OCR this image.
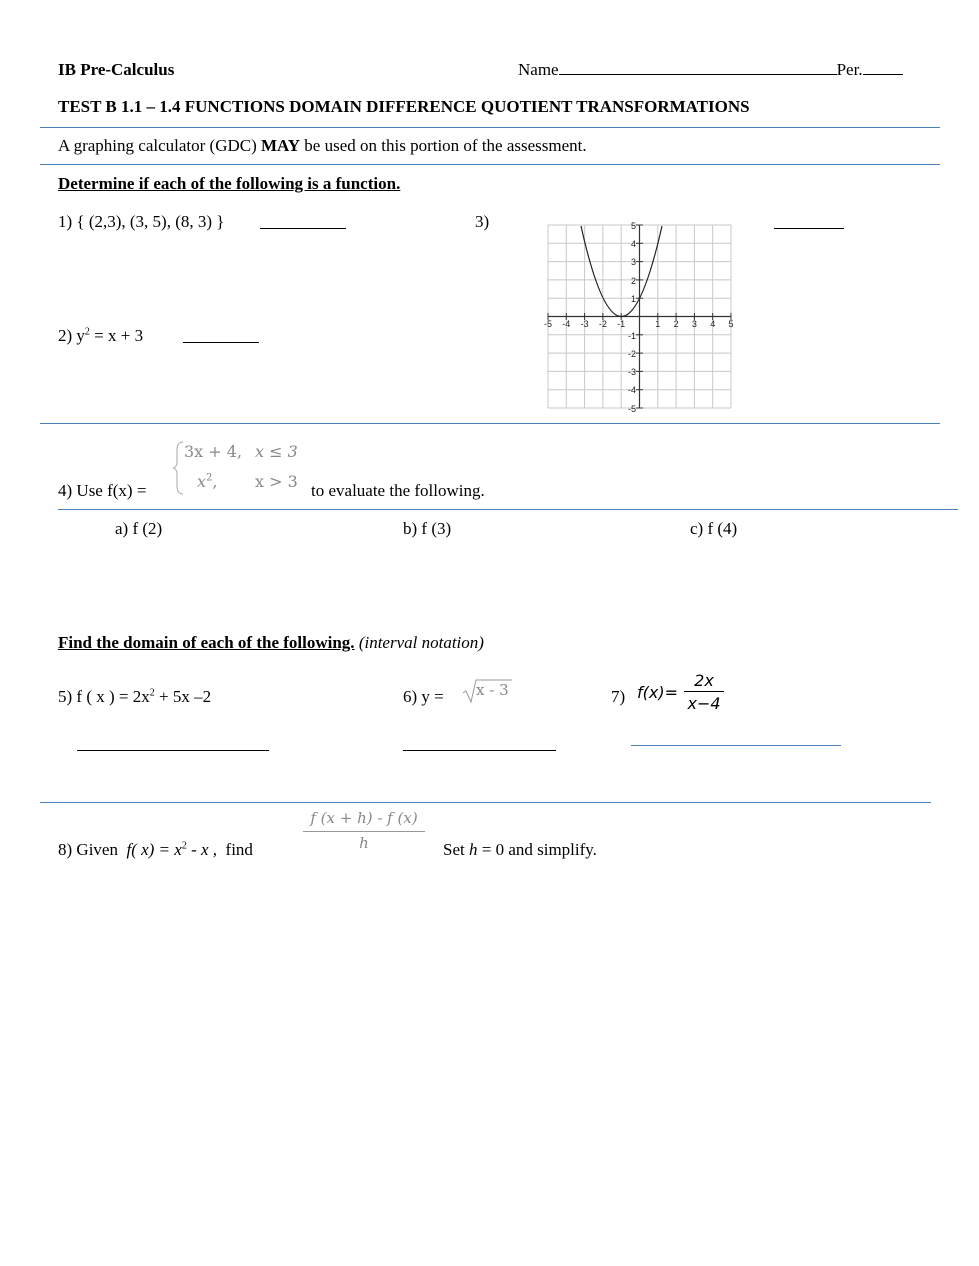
IB Pre-Calculus	Name	Per.
TEST B 1.1 – 1.4 FUNCTIONS DOMAIN DIFFERENCE QUOTIENT TRANSFORMATIONS
A graphing calculator (GDC) MAY be used on this portion of the assessment.
Determine if each of the following is a function.
1) { (2,3), (3, 5), (8, 3) }
2) $y^2 = x + 3$
3)
-5 -4 -3 -2 -1	1 2 3 4 5
5
4
3
2
1
-1
-2
-3
-4
-5
4) Use f(x) =
3x + 4, x ≤ 3
$x^2$, x > 3 to evaluate the following.
a) f (2)	b) f (3)	c) f (4)
Find the domain of each of the following. (interval notation)
5) f ( x ) = $2x^2 + 5x$ –2	6) y = x - 3	7) f(x)=
2x
x−4
8) Given f( $x) = x^2 - x$ , find
f (x + h) - f (x)
h	Set h = 0 and simplify.
